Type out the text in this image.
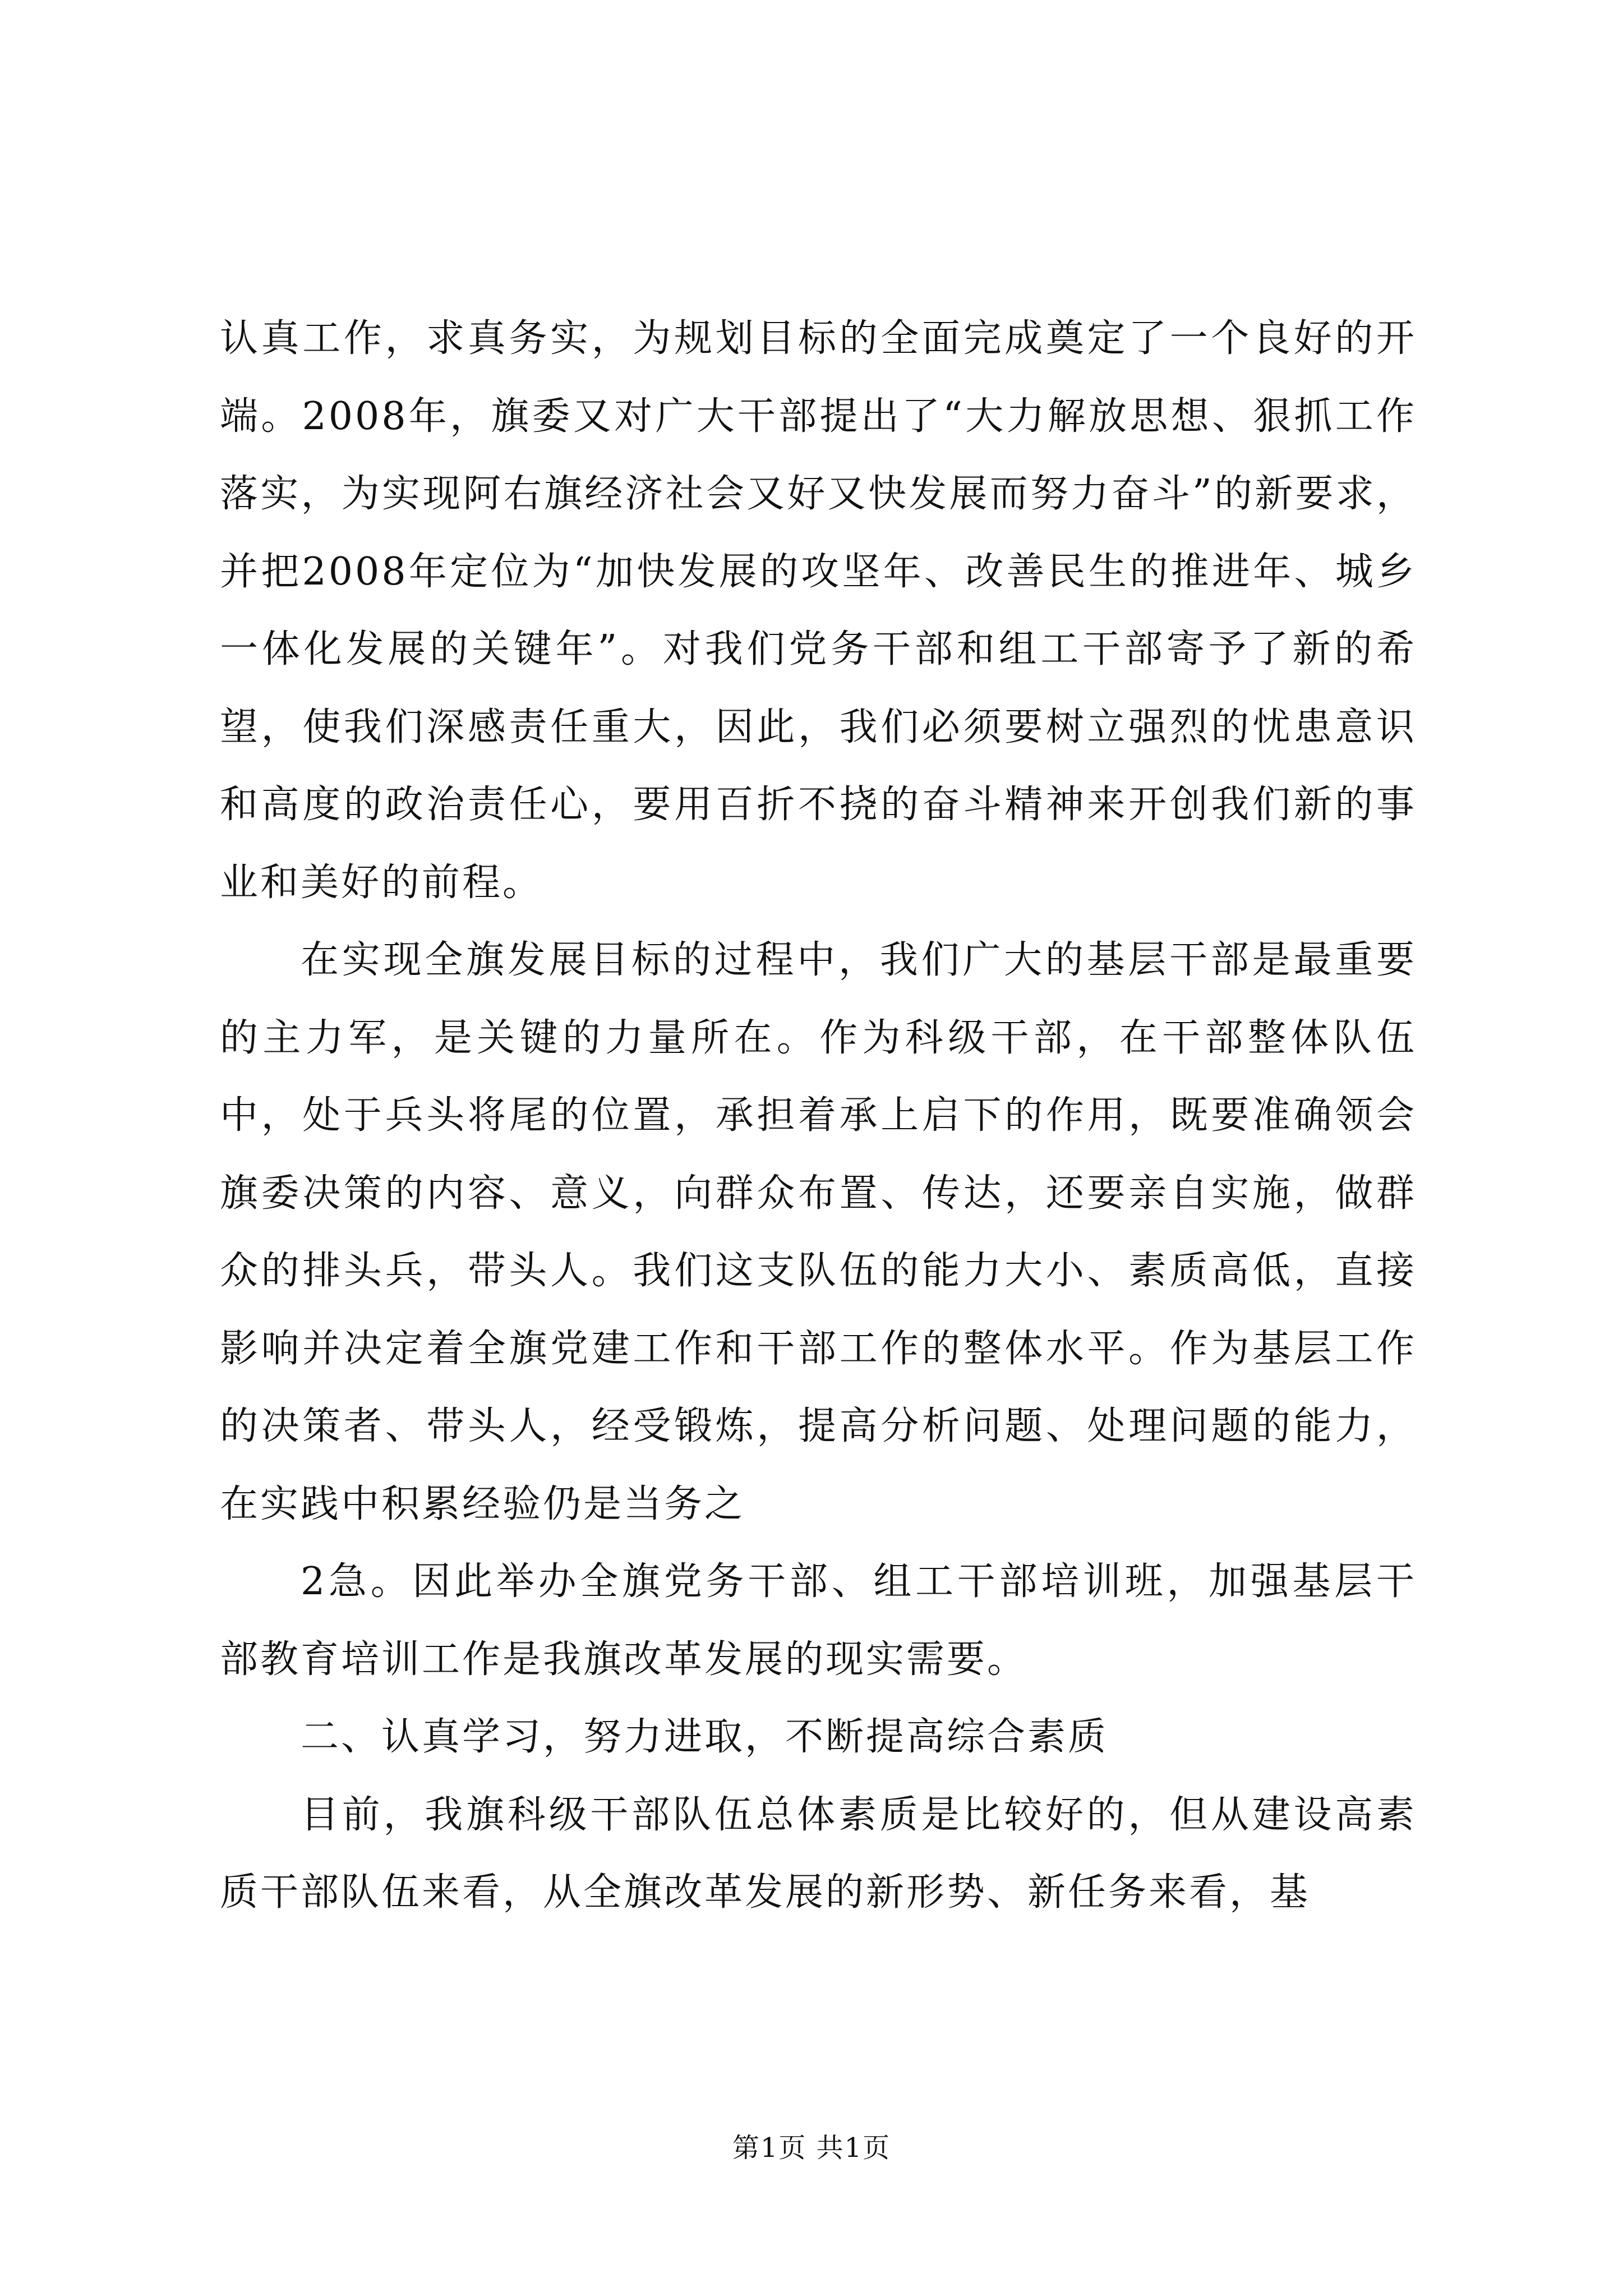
认真工作，求真务实，为规划目标的全面完成奠定了一个良好的开端。2008年，旗委又对广大干部提出了“大力解放思想、狠抓工作落实，为实现阿右旗经济社会又好又快发展而努力奋斗”的新要求，并把2008年定位为“加快发展的攻坚年、改善民生的推进年、城乡一体化发展的关键年”。对我们党务干部和组工干部寄予了新的希望，使我们深感责任重大，因此，我们必须要树立强烈的忧患意识和高度的政治责任心，要用百折不挠的奋斗精神来开创我们新的事业和美好的前程。

在实现全旗发展目标的过程中，我们广大的基层干部是最重要的主力军，是关键的力量所在。作为科级干部，在干部整体队伍中，处于兵头将尾的位置，承担着承上启下的作用，既要准确领会旗委决策的内容、意义，向群众布置、传达，还要亲自实施，做群众的排头兵，带头人。我们这支队伍的能力大小、素质高低，直接影响并决定着全旗党建工作和干部工作的整体水平。作为基层工作的决策者、带头人，经受锻炼，提高分析问题、处理问题的能力，在实践中积累经验仍是当务之

2急。因此举办全旗党务干部、组工干部培训班，加强基层干部教育培训工作是我旗改革发展的现实需要。

二、认真学习，努力进取，不断提高综合素质

目前，我旗科级干部队伍总体素质是比较好的，但从建设高素质干部队伍来看，从全旗改革发展的新形势、新任务来看，基

第1页 共1页
